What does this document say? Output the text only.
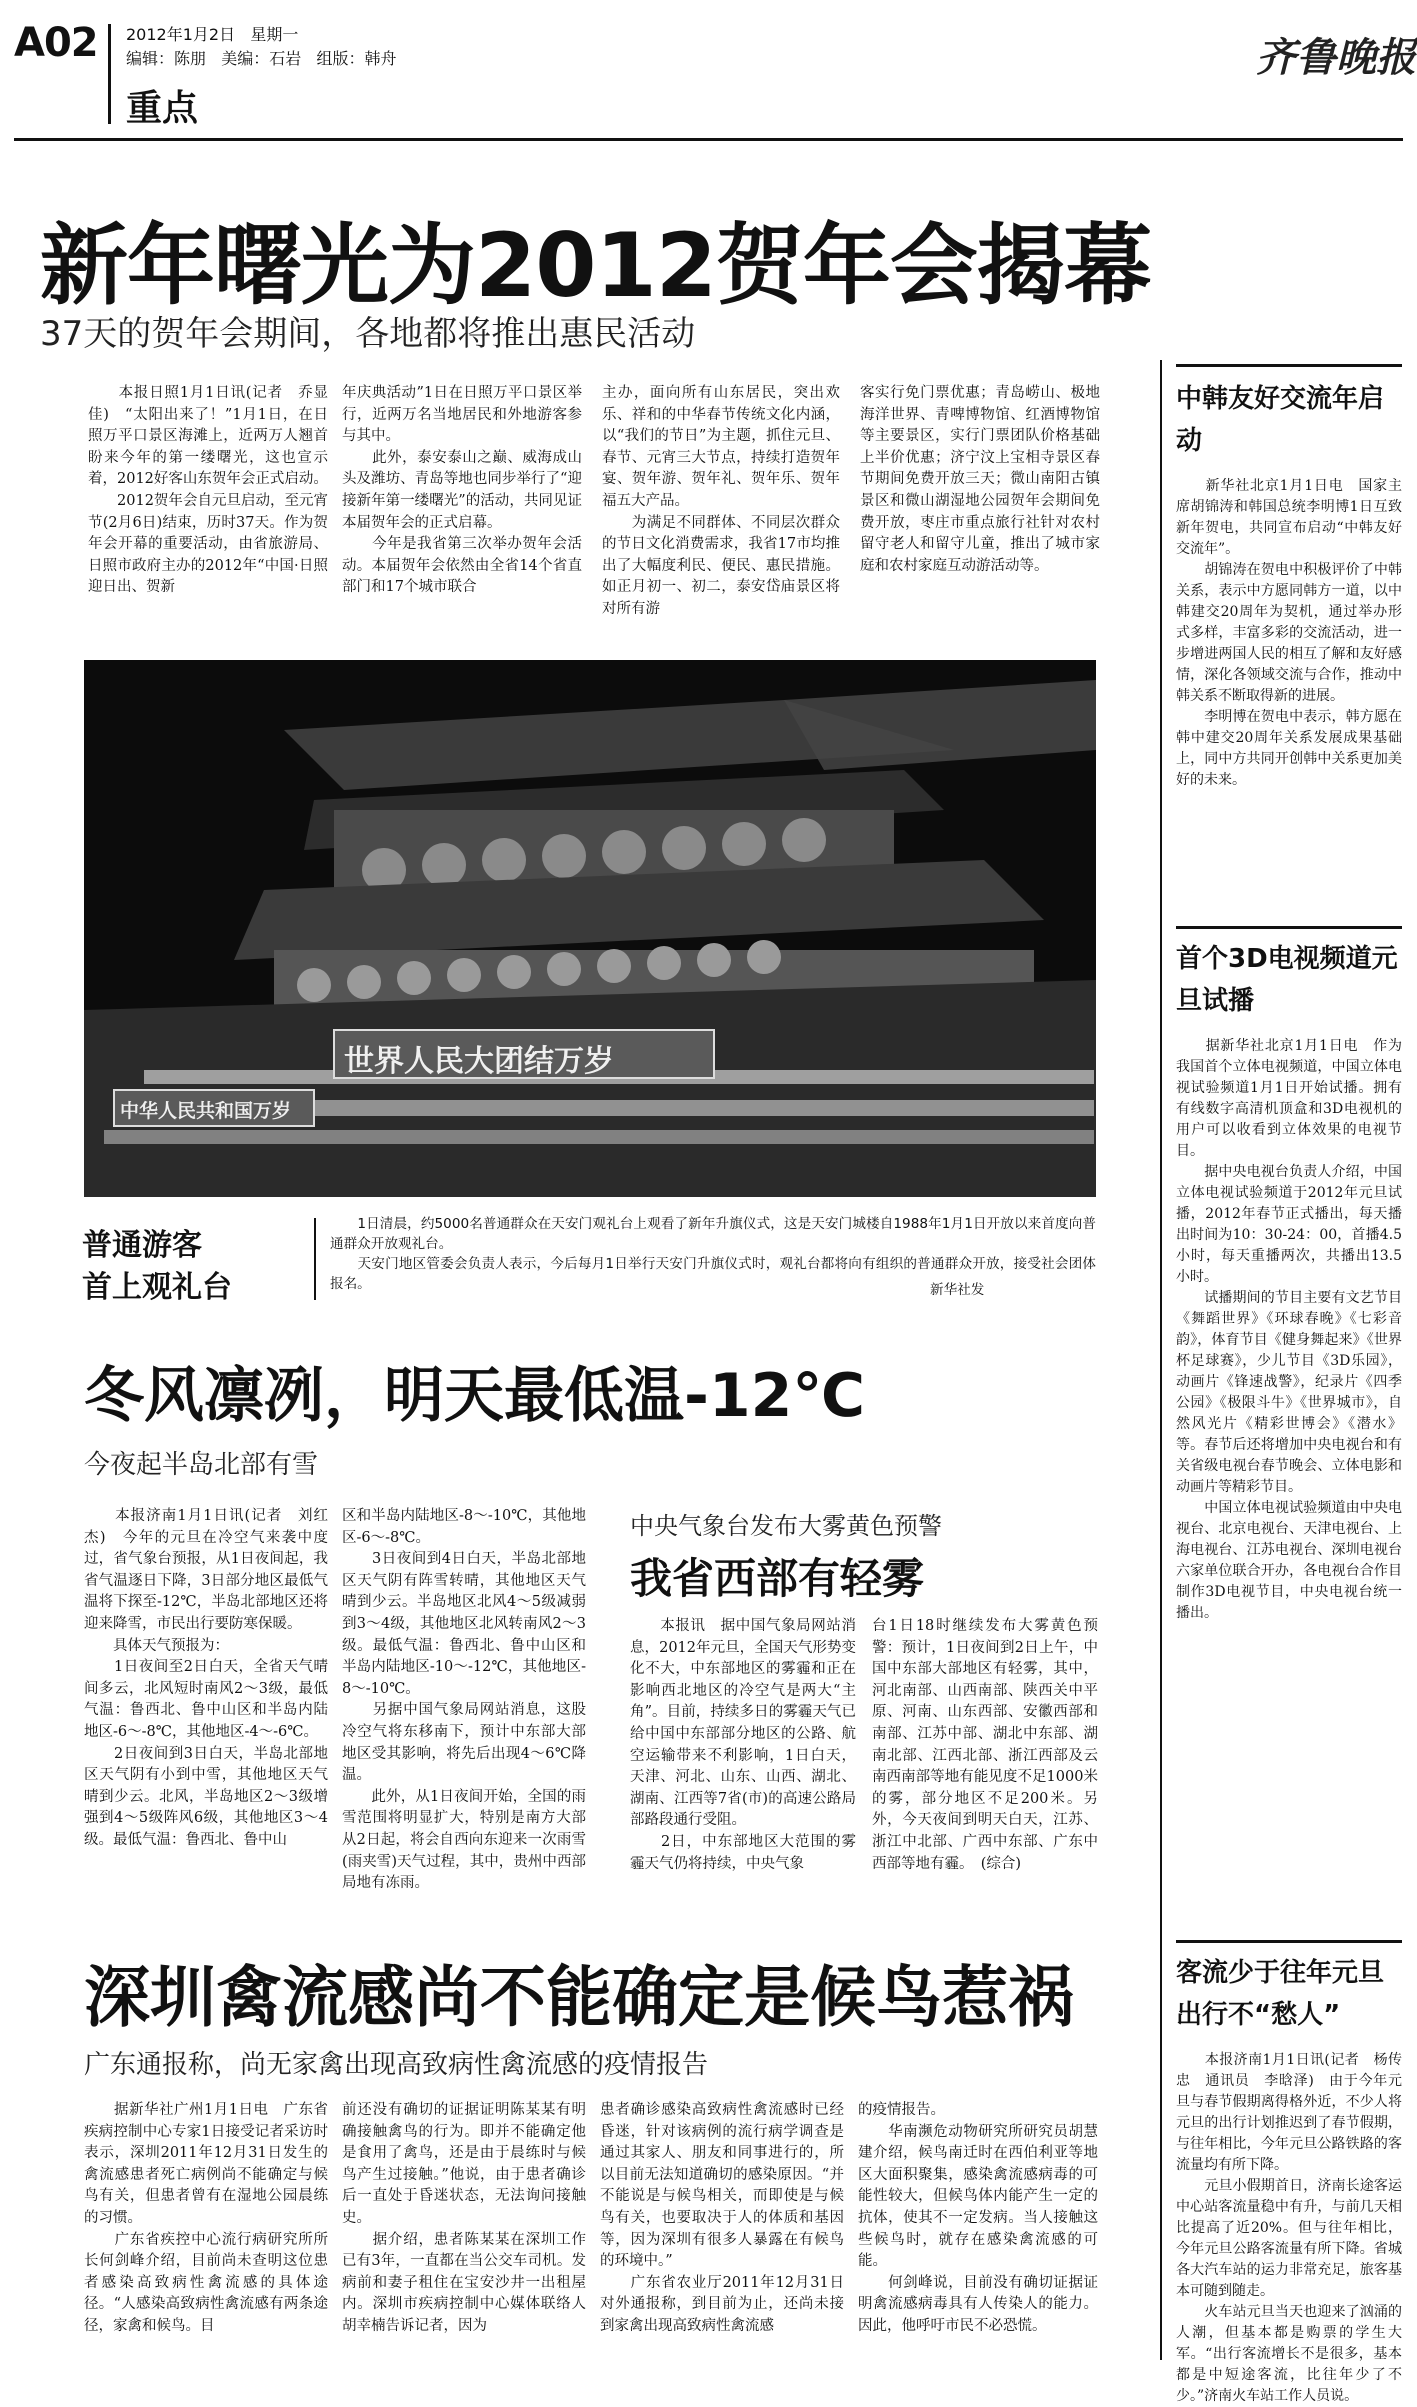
A02 2012年1月2日   星期一
编辑：陈朋   美编：石岩   组版：韩舟
重点
齐鲁晚报
新年曙光为2012贺年会揭幕
37天的贺年会期间，各地都将推出惠民活动
　　本报日照1月1日讯(记者　乔显佳)　“太阳出来了！”1月1日，在日照万平口景区海滩上，近两万人翘首盼来今年的第一缕曙光，这也宣示着，2012好客山东贺年会正式启动。
　　2012贺年会自元旦启动，至元宵节(2月6日)结束，历时37天。作为贺年会开幕的重要活动，由省旅游局、日照市政府主办的2012年“中国·日照迎日出、贺新
年庆典活动”1日在日照万平口景区举行，近两万名当地居民和外地游客参与其中。
　　此外，泰安泰山之巅、威海成山头及潍坊、青岛等地也同步举行了“迎接新年第一缕曙光”的活动，共同见证本届贺年会的正式启幕。
　　今年是我省第三次举办贺年会活动。本届贺年会依然由全省14个省直部门和17个城市联合
主办，面向所有山东居民，突出欢乐、祥和的中华春节传统文化内涵，以“我们的节日”为主题，抓住元旦、春节、元宵三大节点，持续打造贺年宴、贺年游、贺年礼、贺年乐、贺年福五大产品。
　　为满足不同群体、不同层次群众的节日文化消费需求，我省17市均推出了大幅度利民、便民、惠民措施。如正月初一、初二，泰安岱庙景区将对所有游
客实行免门票优惠；青岛崂山、极地海洋世界、青啤博物馆、红酒博物馆等主要景区，实行门票团队价格基础上半价优惠；济宁汶上宝相寺景区春节期间免费开放三天；微山南阳古镇景区和微山湖湿地公园贺年会期间免费开放，枣庄市重点旅行社针对农村留守老人和留守儿童，推出了城市家庭和农村家庭互动游活动等。
世界人民大团结万岁
中华人民共和国万岁
普通游客
首上观礼台
　　1日清晨，约5000名普通群众在天安门观礼台上观看了新年升旗仪式，这是天安门城楼自1988年1月1日开放以来首度向普通群众开放观礼台。
　　天安门地区管委会负责人表示，今后每月1日举行天安门升旗仪式时，观礼台都将向有组织的普通群众开放，接受社会团体报名。	新华社发
冬风凛冽，明天最低温-12℃
今夜起半岛北部有雪
　　本报济南1月1日讯(记者　刘红杰)　今年的元旦在冷空气来袭中度过，省气象台预报，从1日夜间起，我省气温逐日下降，3日部分地区最低气温将下探至-12℃，半岛北部地区还将迎来降雪，市民出行要防寒保暖。
　　具体天气预报为：
　　1日夜间至2日白天，全省天气晴间多云，北风短时南风2～3级，最低气温：鲁西北、鲁中山区和半岛内陆地区-6～-8℃，其他地区-4～-6℃。
　　2日夜间到3日白天，半岛北部地区天气阴有小到中雪，其他地区天气晴到少云。北风，半岛地区2～3级增强到4～5级阵风6级，其他地区3～4级。最低气温：鲁西北、鲁中山
区和半岛内陆地区-8～-10℃，其他地区-6～-8℃。
　　3日夜间到4日白天，半岛北部地区天气阴有阵雪转晴，其他地区天气晴到少云。半岛地区北风4～5级减弱到3～4级，其他地区北风转南风2～3级。最低气温：鲁西北、鲁中山区和半岛内陆地区-10～-12℃，其他地区-8～-10℃。
　　另据中国气象局网站消息，这股冷空气将东移南下，预计中东部大部地区受其影响，将先后出现4～6℃降温。
　　此外，从1日夜间开始，全国的雨雪范围将明显扩大，特别是南方大部从2日起，将会自西向东迎来一次雨雪(雨夹雪)天气过程，其中，贵州中西部局地有冻雨。
中央气象台发布大雾黄色预警
我省西部有轻雾
　　本报讯　据中国气象局网站消息，2012年元旦，全国天气形势变化不大，中东部地区的雾霾和正在影响西北地区的冷空气是两大“主角”。目前，持续多日的雾霾天气已给中国中东部部分地区的公路、航空运输带来不利影响，1日白天，天津、河北、山东、山西、湖北、湖南、江西等7省(市)的高速公路局部路段通行受阻。
　　2日，中东部地区大范围的雾霾天气仍将持续，中央气象
台1日18时继续发布大雾黄色预警：预计，1日夜间到2日上午，中国中东部大部地区有轻雾，其中，河北南部、山西南部、陕西关中平原、河南、山东西部、安徽西部和南部、江苏中部、湖北中东部、湖南北部、江西北部、浙江西部及云南西南部等地有能见度不足1000米的雾，部分地区不足200米。另外，今天夜间到明天白天，江苏、浙江中北部、广西中东部、广东中西部等地有霾。　(综合)
深圳禽流感尚不能确定是候鸟惹祸
广东通报称，尚无家禽出现高致病性禽流感的疫情报告
　　据新华社广州1月1日电　广东省疾病控制中心专家1日接受记者采访时表示，深圳2011年12月31日发生的禽流感患者死亡病例尚不能确定与候鸟有关，但患者曾有在湿地公园晨练的习惯。
　　广东省疾控中心流行病研究所所长何剑峰介绍，目前尚未查明这位患者感染高致病性禽流感的具体途径。“人感染高致病性禽流感有两条途径，家禽和候鸟。目
前还没有确切的证据证明陈某某有明确接触禽鸟的行为。即并不能确定他是食用了禽鸟，还是由于晨练时与候鸟产生过接触。”他说，由于患者确诊后一直处于昏迷状态，无法询问接触史。
　　据介绍，患者陈某某在深圳工作已有3年，一直都在当公交车司机。发病前和妻子租住在宝安沙井一出租屋内。深圳市疾病控制中心媒体联络人胡幸楠告诉记者，因为
患者确诊感染高致病性禽流感时已经昏迷，针对该病例的流行病学调查是通过其家人、朋友和同事进行的，所以目前无法知道确切的感染原因。“并不能说是与候鸟相关，而即使是与候鸟有关，也要取决于人的体质和基因等，因为深圳有很多人暴露在有候鸟的环境中。”
　　广东省农业厅2011年12月31日对外通报称，到目前为止，还尚未接到家禽出现高致病性禽流感
的疫情报告。
　　华南濒危动物研究所研究员胡慧建介绍，候鸟南迁时在西伯利亚等地区大面积聚集，感染禽流感病毒的可能性较大，但候鸟体内能产生一定的抗体，使其不一定发病。当人接触这些候鸟时，就存在感染禽流感的可能。
　　何剑峰说，目前没有确切证据证明禽流感病毒具有人传染人的能力。因此，他呼吁市民不必恐慌。
中韩友好交流年启动
　　新华社北京1月1日电　国家主席胡锦涛和韩国总统李明博1日互致新年贺电，共同宣布启动“中韩友好交流年”。
　　胡锦涛在贺电中积极评价了中韩关系，表示中方愿同韩方一道，以中韩建交20周年为契机，通过举办形式多样，丰富多彩的交流活动，进一步增进两国人民的相互了解和友好感情，深化各领域交流与合作，推动中韩关系不断取得新的进展。
　　李明博在贺电中表示，韩方愿在韩中建交20周年关系发展成果基础上，同中方共同开创韩中关系更加美好的未来。
首个3D电视频道元旦试播
　　据新华社北京1月1日电　作为我国首个立体电视频道，中国立体电视试验频道1月1日开始试播。拥有有线数字高清机顶盒和3D电视机的用户可以收看到立体效果的电视节目。
　　据中央电视台负责人介绍，中国立体电视试验频道于2012年元旦试播，2012年春节正式播出，每天播出时间为10：30-24：00，首播4.5小时，每天重播两次，共播出13.5小时。
　　试播期间的节目主要有文艺节目《舞蹈世界》《环球春晚》《七彩音韵》，体育节目《健身舞起来》《世界杯足球赛》，少儿节目《3D乐园》，动画片《锋速战警》，纪录片《四季公园》《极限斗牛》《世界城市》，自然风光片《精彩世博会》《潜水》等。春节后还将增加中央电视台和有关省级电视台春节晚会、立体电影和动画片等精彩节目。
　　中国立体电视试验频道由中央电视台、北京电视台、天津电视台、上海电视台、江苏电视台、深圳电视台六家单位联合开办，各电视台合作目制作3D电视节目，中央电视台统一播出。
客流少于往年元旦出行不“愁人”
　　本报济南1月1日讯(记者　杨传忠　通讯员　李晗泽)　由于今年元旦与春节假期离得格外近，不少人将元旦的出行计划推迟到了春节假期，与往年相比，今年元旦公路铁路的客流量均有所下降。
　　元旦小假期首日，济南长途客运中心站客流量稳中有升，与前几天相比提高了近20%。但与往年相比，今年元旦公路客流量有所下降。省城各大汽车站的运力非常充足，旅客基本可随到随走。
　　火车站元旦当天也迎来了汹涌的人潮，但基本都是购票的学生大军。“出行客流增长不是很多，基本都是中短途客流，比往年少了不少。”济南火车站工作人员说。
